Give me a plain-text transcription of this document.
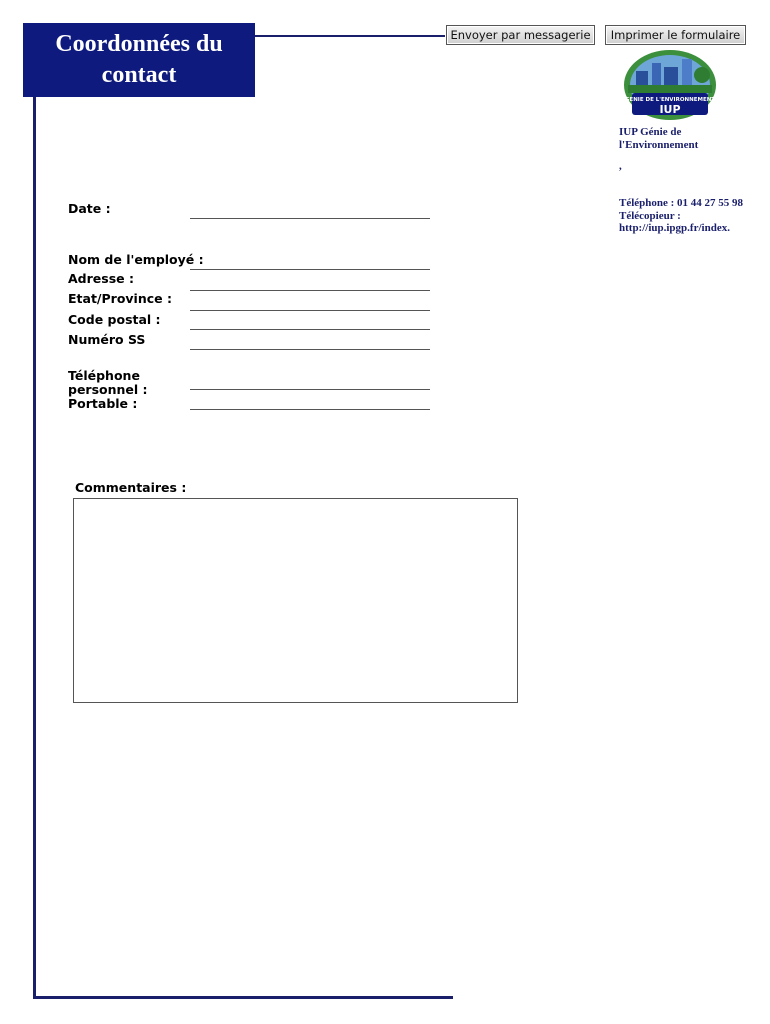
Coordonnées du contact
Envoyer par messagerie	Imprimer le formulaire
GENIE DE L'ENVIRONNEMENT
IUP
IUP Génie de l'Environnement
,
Téléphone : 01 44 27 55 98
Télécopieur :
http://iup.ipgp.fr/index.
Date :
Nom de l'employé :
Adresse :
Etat/Province :
Code postal :
Numéro SS
Téléphone personnel :
Portable :
Commentaires :
